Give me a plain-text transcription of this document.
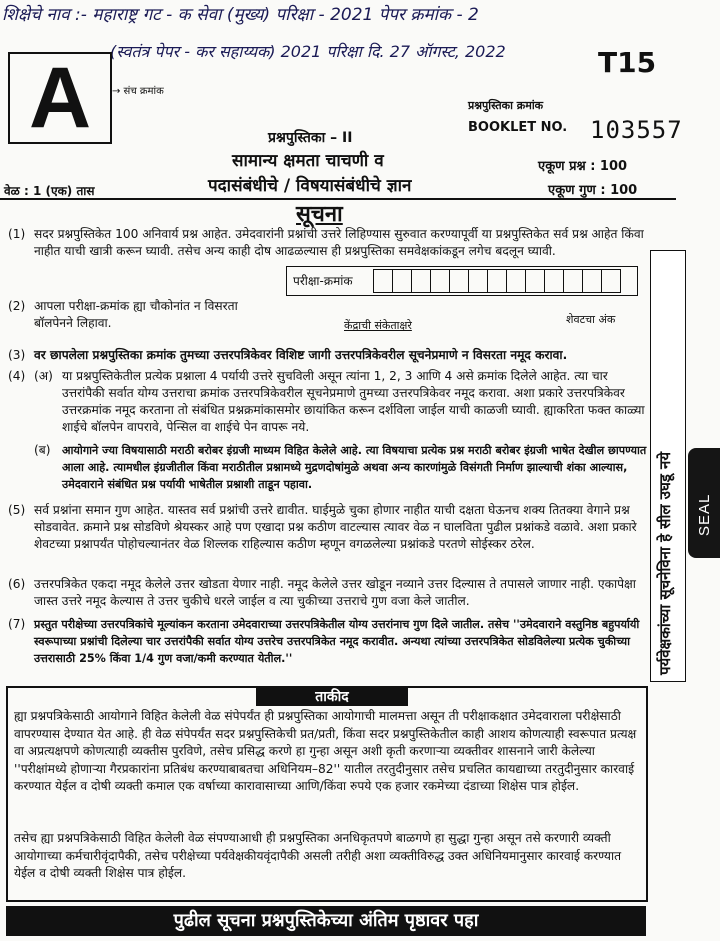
शिक्षेचे नाव :- महाराष्ट्र गट - क सेवा (मुख्य) परिक्षा - 2021 पेपर क्रमांक - 2
(स्वतंत्र पेपर - कर सहाय्यक) 2021 परिक्षा दि. 27 ऑगस्ट, 2022	T15
A → संच क्रमांक
प्रश्नपुस्तिका क्रमांक
BOOKLET NO. 103557
प्रश्नपुस्तिका – II
सामान्य क्षमता चाचणी व
पदासंबंधीचे / विषयासंबंधीचे ज्ञान
वेळ : 1 (एक) तास
एकूण प्रश्न : 100
एकूण गुण : 100
सूचना
(1) सदर प्रश्नपुस्तिकेत 100 अनिवार्य प्रश्न आहेत. उमेदवारांनी प्रश्नांची उत्तरे लिहिण्यास सुरुवात करण्यापूर्वी या प्रश्नपुस्तिकेत सर्व प्रश्न आहेत किंवा नाहीत याची खात्री करून घ्यावी. तसेच अन्य काही दोष आढळल्यास ही प्रश्नपुस्तिका समवेक्षकांकडून लगेच बदलून घ्यावी.
परीक्षा-क्रमांक
केंद्राची संकेताक्षरे	शेवटचा अंक
(2) आपला परीक्षा-क्रमांक ह्या चौकोनांत न विसरता बॉलपेनने लिहावा.
(3) वर छापलेला प्रश्नपुस्तिका क्रमांक तुमच्या उत्तरपत्रिकेवर विशिष्ट जागी उत्तरपत्रिकेवरील सूचनेप्रमाणे न विसरता नमूद करावा.
(4) (अ) या प्रश्नपुस्तिकेतील प्रत्येक प्रश्नाला 4 पर्यायी उत्तरे सुचविली असून त्यांना 1, 2, 3 आणि 4 असे क्रमांक दिलेले आहेत. त्या चार उत्तरांपैकी सर्वात योग्य उत्तराचा क्रमांक उत्तरपत्रिकेवरील सूचनेप्रमाणे तुमच्या उत्तरपत्रिकेवर नमूद करावा. अशा प्रकारे उत्तरपत्रिकेवर उत्तरक्रमांक नमूद करताना तो संबंधित प्रश्नक्रमांकासमोर छायांकित करून दर्शविला जाईल याची काळजी घ्यावी. ह्याकरिता फक्त काळ्या शाईचे बॉलपेन वापरावे, पेन्सिल वा शाईचे पेन वापरू नये.
(ब)	आयोगाने ज्या विषयासाठी मराठी बरोबर इंग्रजी माध्यम विहित केलेले आहे. त्या विषयाचा प्रत्येक प्रश्न मराठी बरोबर इंग्रजी भाषेत देखील छापण्यात आला आहे. त्यामधील इंग्रजीतील किंवा मराठीतील प्रश्नामध्ये मुद्रणदोषांमुळे अथवा अन्य कारणांमुळे विसंगती निर्माण झाल्याची शंका आल्यास, उमेदवाराने संबंधित प्रश्न पर्यायी भाषेतील प्रश्नाशी ताडून पहावा.
(5) सर्व प्रश्नांना समान गुण आहेत. यास्तव सर्व प्रश्नांची उत्तरे द्यावीत. घाईमुळे चुका होणार नाहीत याची दक्षता घेऊनच शक्य तितक्या वेगाने प्रश्न सोडवावेत. क्रमाने प्रश्न सोडविणे श्रेयस्कर आहे पण एखादा प्रश्न कठीण वाटल्यास त्यावर वेळ न घालविता पुढील प्रश्नांकडे वळावे. अशा प्रकारे शेवटच्या प्रश्नापर्यंत पोहोचल्यानंतर वेळ शिल्लक राहिल्यास कठीण म्हणून वगळलेल्या प्रश्नांकडे परतणे सोईस्कर ठरेल.
(6) उत्तरपत्रिकेत एकदा नमूद केलेले उत्तर खोडता येणार नाही. नमूद केलेले उत्तर खोडून नव्याने उत्तर दिल्यास ते तपासले जाणार नाही. एकापेक्षा जास्त उत्तरे नमूद केल्यास ते उत्तर चुकीचे धरले जाईल व त्या चुकीच्या उत्तराचे गुण वजा केले जातील.
(7) प्रस्तुत परीक्षेच्या उत्तरपत्रिकांचे मूल्यांकन करताना उमेदवाराच्या उत्तरपत्रिकेतील योग्य उत्तरांनाच गुण दिले जातील. तसेच ''उमेदवाराने वस्तुनिष्ठ बहुपर्यायी स्वरूपाच्या प्रश्नांची दिलेल्या चार उत्तरांपैकी सर्वात योग्य उत्तरेच उत्तरपत्रिकेत नमूद करावीत. अन्यथा त्यांच्या उत्तरपत्रिकेत सोडविलेल्या प्रत्येक चुकीच्या उत्तरासाठी 25% किंवा 1/4 गुण वजा/कमी करण्यात येतील.''
ताकीद
ह्या प्रश्नपत्रिकेसाठी आयोगाने विहित केलेली वेळ संपेपर्यंत ही प्रश्नपुस्तिका आयोगाची मालमत्ता असून ती परीक्षाकक्षात उमेदवाराला परीक्षेसाठी वापरण्यास देण्यात येत आहे. ही वेळ संपेपर्यंत सदर प्रश्नपुस्तिकेची प्रत/प्रती, किंवा सदर प्रश्नपुस्तिकेतील काही आशय कोणत्याही स्वरूपात प्रत्यक्ष वा अप्रत्यक्षपणे कोणत्याही व्यक्तीस पुरविणे, तसेच प्रसिद्ध करणे हा गुन्हा असून अशी कृती करणाऱ्या व्यक्तीवर शासनाने जारी केलेल्या ''परीक्षांमध्ये होणाऱ्या गैरप्रकारांना प्रतिबंध करण्याबाबतचा अधिनियम–82'' यातील तरतुदीनुसार तसेच प्रचलित कायद्याच्या तरतुदीनुसार कारवाई करण्यात येईल व दोषी व्यक्ती कमाल एक वर्षाच्या कारावासाच्या आणि/किंवा रुपये एक हजार रकमेच्या दंडाच्या शिक्षेस पात्र होईल.
तसेच ह्या प्रश्नपत्रिकेसाठी विहित केलेली वेळ संपण्याआधी ही प्रश्नपुस्तिका अनधिकृतपणे बाळगणे हा सुद्धा गुन्हा असून तसे करणारी व्यक्ती आयोगाच्या कर्मचारीवृंदापैकी, तसेच परीक्षेच्या पर्यवेक्षकीयवृंदापैकी असली तरीही अशा व्यक्तीविरुद्ध उक्त अधिनियमानुसार कारवाई करण्यात येईल व दोषी व्यक्ती शिक्षेस पात्र होईल.
पुढील सूचना प्रश्नपुस्तिकेच्या अंतिम पृष्ठावर पहा
पर्यवेक्षकांच्या सूचनेविना हे सील उघडू नये SEAL
